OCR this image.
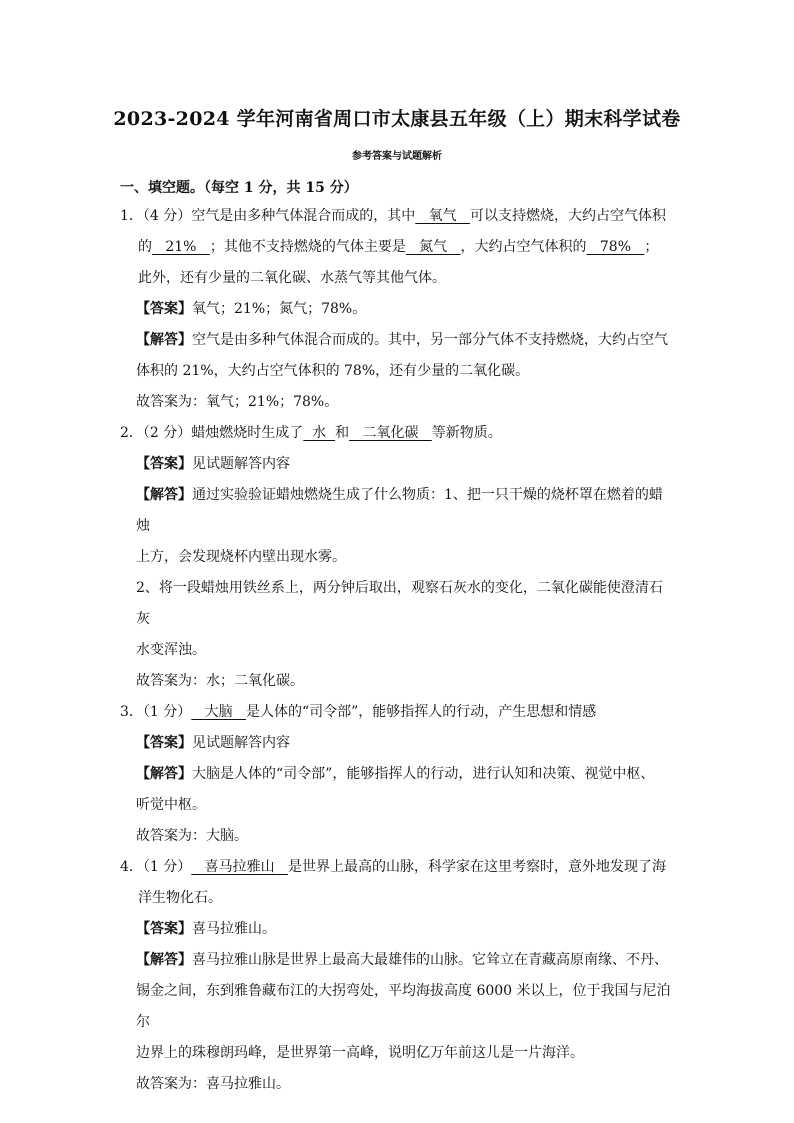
2023-2024 学年河南省周口市太康县五年级（上）期末科学试卷
参考答案与试题解析
一、填空题。（每空 1 分，共 15 分）

1．（4 分）空气是由多种气体混合而成的，其中   氧气   可以支持燃烧，大约占空气体积

的   21%   ；其他不支持燃烧的气体主要是   氮气   ，大约占空气体积的   78%   ；

此外，还有少量的二氧化碳、水蒸气等其他气体。

【答案】氧气；21%；氮气；78%。

【解答】空气是由多种气体混合而成的。其中，另一部分气体不支持燃烧，大约占空气

体积的 21%，大约占空气体积的 78%，还有少量的二氧化碳。

故答案为：氧气；21%；78%。

2．（2 分）蜡烛燃烧时生成了  水  和   二氧化碳   等新物质。

【答案】见试题解答内容

【解答】通过实验验证蜡烛燃烧生成了什么物质：1、把一只干燥的烧杯罩在燃着的蜡烛

上方，会发现烧杯内壁出现水雾。

2、将一段蜡烛用铁丝系上，两分钟后取出，观察石灰水的变化，二氧化碳能使澄清石灰

水变浑浊。

故答案为：水；二氧化碳。

3．（1 分）   大脑   是人体的“司令部”，能够指挥人的行动，产生思想和情感

【答案】见试题解答内容

【解答】大脑是人体的“司令部”，能够指挥人的行动，进行认知和决策、视觉中枢、

听觉中枢。

故答案为：大脑。

4．（1 分）   喜马拉雅山   是世界上最高的山脉，科学家在这里考察时，意外地发现了海

洋生物化石。

【答案】喜马拉雅山。

【解答】喜马拉雅山脉是世界上最高大最雄伟的山脉。它耸立在青藏高原南缘、不丹、

锡金之间，东到雅鲁藏布江的大拐弯处，平均海拔高度 6000 米以上，位于我国与尼泊尔

边界上的珠穆朗玛峰，是世界第一高峰，说明亿万年前这儿是一片海洋。

故答案为：喜马拉雅山。
